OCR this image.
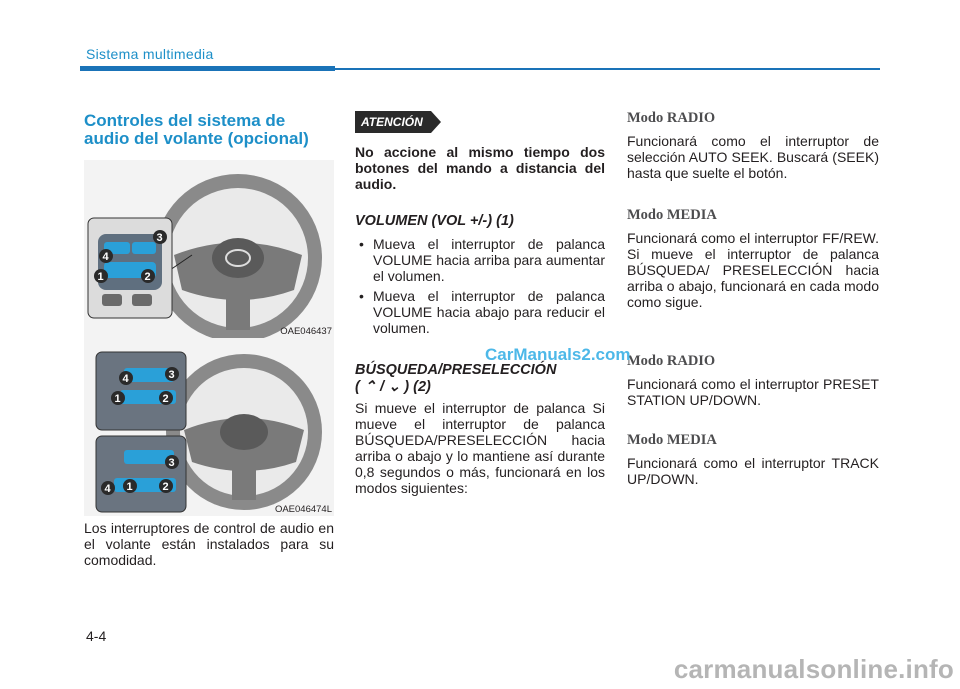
Sistema multimedia
Controles del sistema de audio del volante (opcional)
4
3
1	2
OAE046437
4	3
1	2
3
4 1	2
OAE046474L

Los interruptores de control de audio en el volante están instalados para su comodidad.

ATENCIÓN

No accione al mismo tiempo dos botones del mando a distancia del audio.

VOLUMEN (VOL +/-) (1)
• Mueva el interruptor de palanca VOLUME hacia arriba para aumentar el volumen.
• Mueva el interruptor de palanca VOLUME hacia abajo para reducir el volumen.
BÚSQUEDA/PRESELECCIÓN
( ⌃ / ⌄ ) (2)

Si mueve el interruptor de palanca Si mueve el interruptor de palanca BÚSQUEDA/PRESELECCIÓN hacia arriba o abajo y lo mantiene así durante 0,8 segundos o más, funcionará en los modos siguientes:

Modo RADIO

Funcionará como el interruptor de selección AUTO SEEK. Buscará (SEEK) hasta que suelte el botón.

Modo MEDIA

Funcionará como el interruptor FF/REW. Si mueve el interruptor de palanca BÚSQUEDA/ PRESELECCIÓN hacia arriba o abajo, funcionará en cada modo como sigue.

Modo RADIO

Funcionará como el interruptor PRESET STATION UP/DOWN.

Modo MEDIA

Funcionará como el interruptor TRACK UP/DOWN.

CarManuals2.com
4-4
carmanualsonline.info
